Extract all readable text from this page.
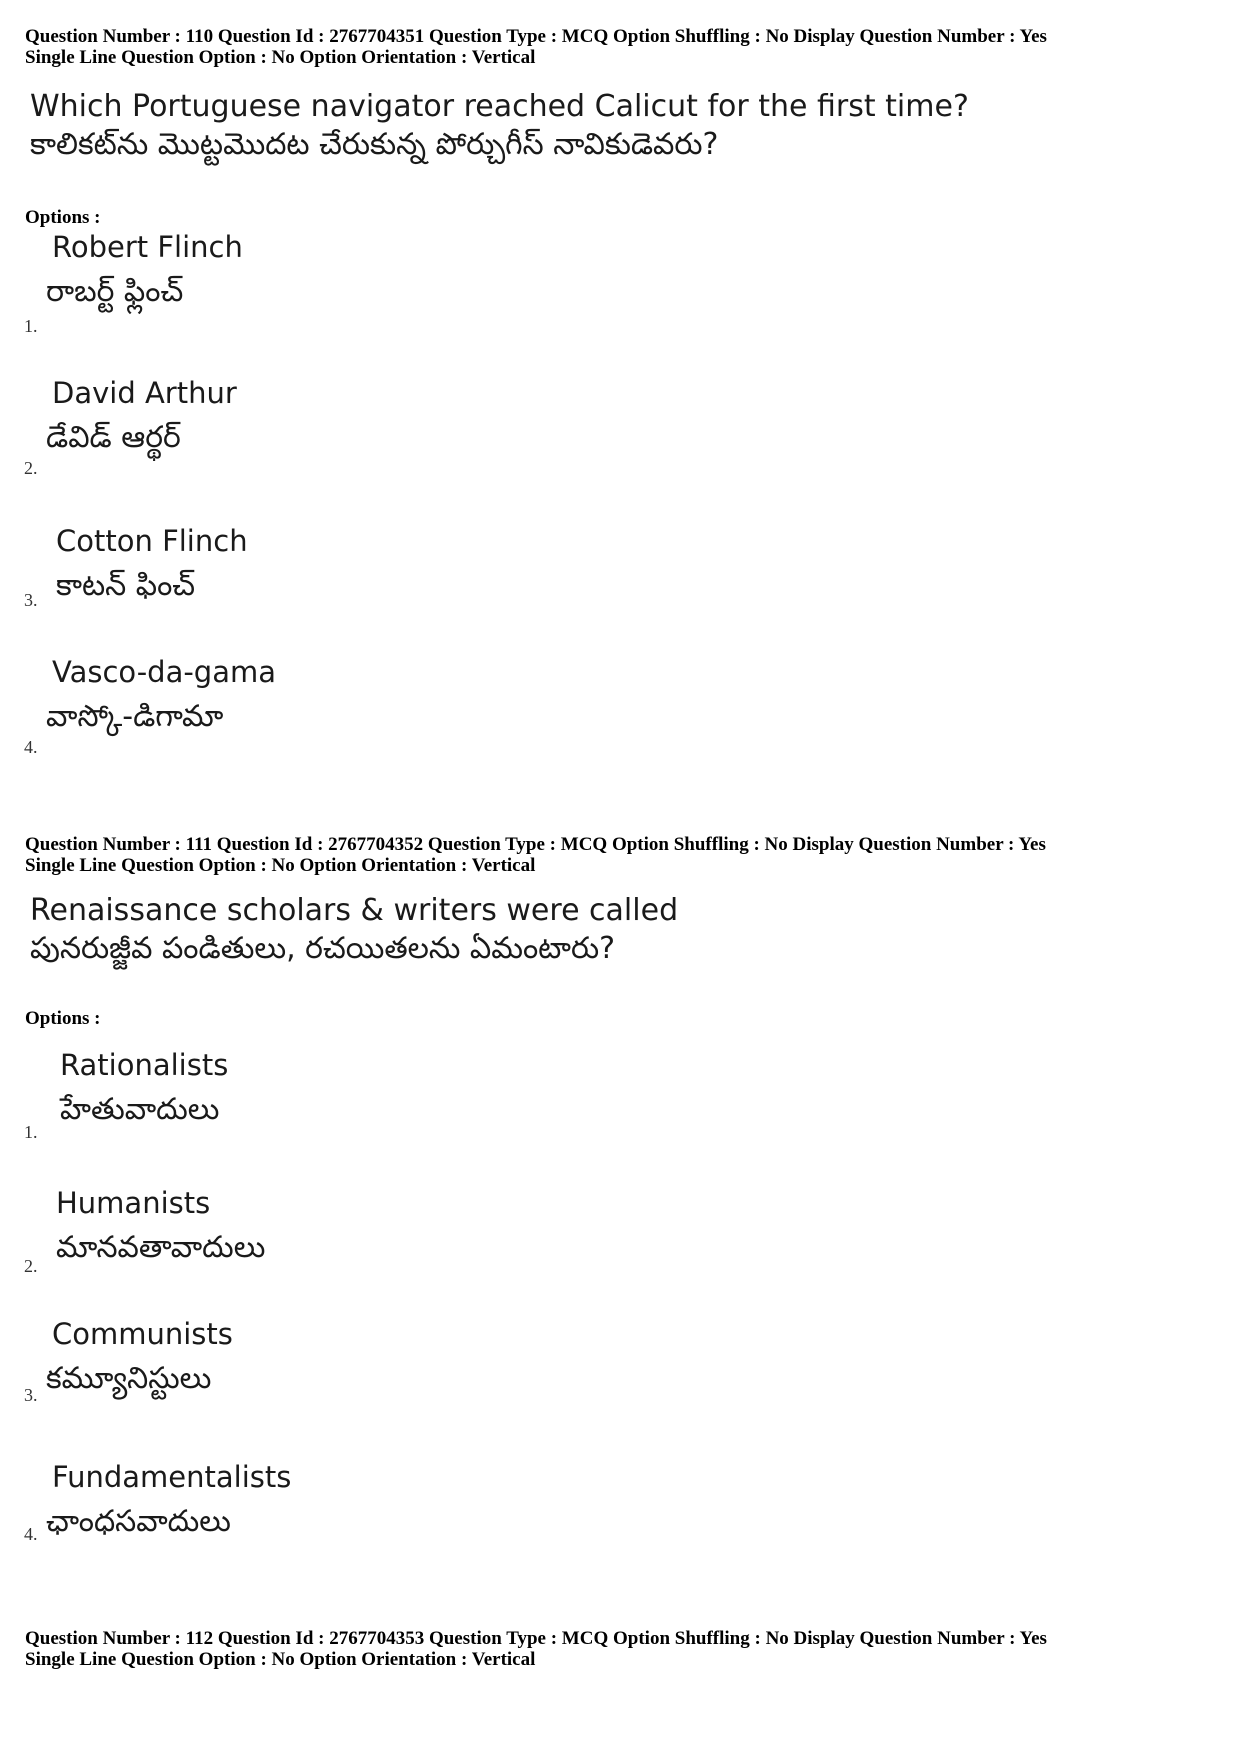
Question Number : 110 Question Id : 2767704351 Question Type : MCQ Option Shuffling : No Display Question Number : Yes
Single Line Question Option : No Option Orientation : Vertical
Which Portuguese navigator reached Calicut for the first time?
కాలికట్‌ను మొట్టమొదట చేరుకున్న పోర్చుగీస్ నావికుడెవరు?
Options :
Robert Flinch
రాబర్ట్ ఫ్లించ్
1.
David Arthur
డేవిడ్ ఆర్థర్
2.
Cotton Flinch
కాటన్ ఫించ్
3.
Vasco-da-gama
వాస్కో-డిగామా
4.
Question Number : 111 Question Id : 2767704352 Question Type : MCQ Option Shuffling : No Display Question Number : Yes
Single Line Question Option : No Option Orientation : Vertical
Renaissance scholars & writers were called
పునరుజ్జీవ పండితులు, రచయితలను ఏమంటారు?
Options :
Rationalists
హేతువాదులు
1.
Humanists
మానవతావాదులు
2.
Communists
కమ్యూనిస్టులు
3.
Fundamentalists
ఛాంధసవాదులు
4.
Question Number : 112 Question Id : 2767704353 Question Type : MCQ Option Shuffling : No Display Question Number : Yes
Single Line Question Option : No Option Orientation : Vertical
